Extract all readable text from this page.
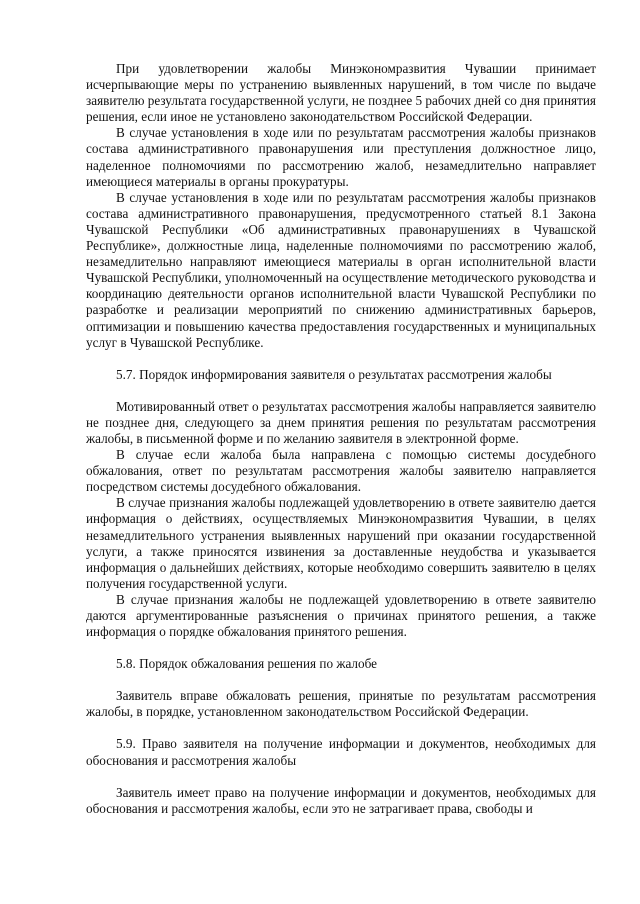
При удовлетворении жалобы Минэкономразвития Чувашии принимает исчерпывающие меры по устранению выявленных нарушений, в том числе по выдаче заявителю результата государственной услуги, не позднее 5 рабочих дней со дня принятия решения, если иное не установлено законодательством Российской Федерации.

В случае установления в ходе или по результатам рассмотрения жалобы признаков состава административного правонарушения или преступления должностное лицо, наделенное полномочиями по рассмотрению жалоб, незамедлительно направляет имеющиеся материалы в органы прокуратуры.

В случае установления в ходе или по результатам рассмотрения жалобы признаков состава административного правонарушения, предусмотренного статьей 8.1 Закона Чувашской Республики «Об административных правонарушениях в Чувашской Республике», должностные лица, наделенные полномочиями по рассмотрению жалоб, незамедлительно направляют имеющиеся материалы в орган исполнительной власти Чувашской Республики, уполномоченный на осуществление методического руководства и координацию деятельности органов исполнительной власти Чувашской Республики по разработке и реализации мероприятий по снижению административных барьеров, оптимизации и повышению качества предоставления государственных и муниципальных услуг в Чувашской Республике.

5.7. Порядок информирования заявителя о результатах рассмотрения жалобы

Мотивированный ответ о результатах рассмотрения жалобы направляется заявителю не позднее дня, следующего за днем принятия решения по результатам рассмотрения жалобы, в письменной форме и по желанию заявителя в электронной форме.

В случае если жалоба была направлена с помощью системы досудебного обжалования, ответ по результатам рассмотрения жалобы заявителю направляется посредством системы досудебного обжалования.

В случае признания жалобы подлежащей удовлетворению в ответе заявителю дается информация о действиях, осуществляемых Минэкономразвития Чувашии, в целях незамедлительного устранения выявленных нарушений при оказании государственной услуги, а также приносятся извинения за доставленные неудобства и указывается информация о дальнейших действиях, которые необходимо совершить заявителю в целях получения государственной услуги.

В случае признания жалобы не подлежащей удовлетворению в ответе заявителю даются аргументированные разъяснения о причинах принятого решения, а также информация о порядке обжалования принятого решения.

5.8. Порядок обжалования решения по жалобе

Заявитель вправе обжаловать решения, принятые по результатам рассмотрения жалобы, в порядке, установленном законодательством Российской Федерации.

5.9. Право заявителя на получение информации и документов, необходимых для обоснования и рассмотрения жалобы

Заявитель имеет право на получение информации и документов, необходимых для обоснования и рассмотрения жалобы, если это не затрагивает права, свободы и
